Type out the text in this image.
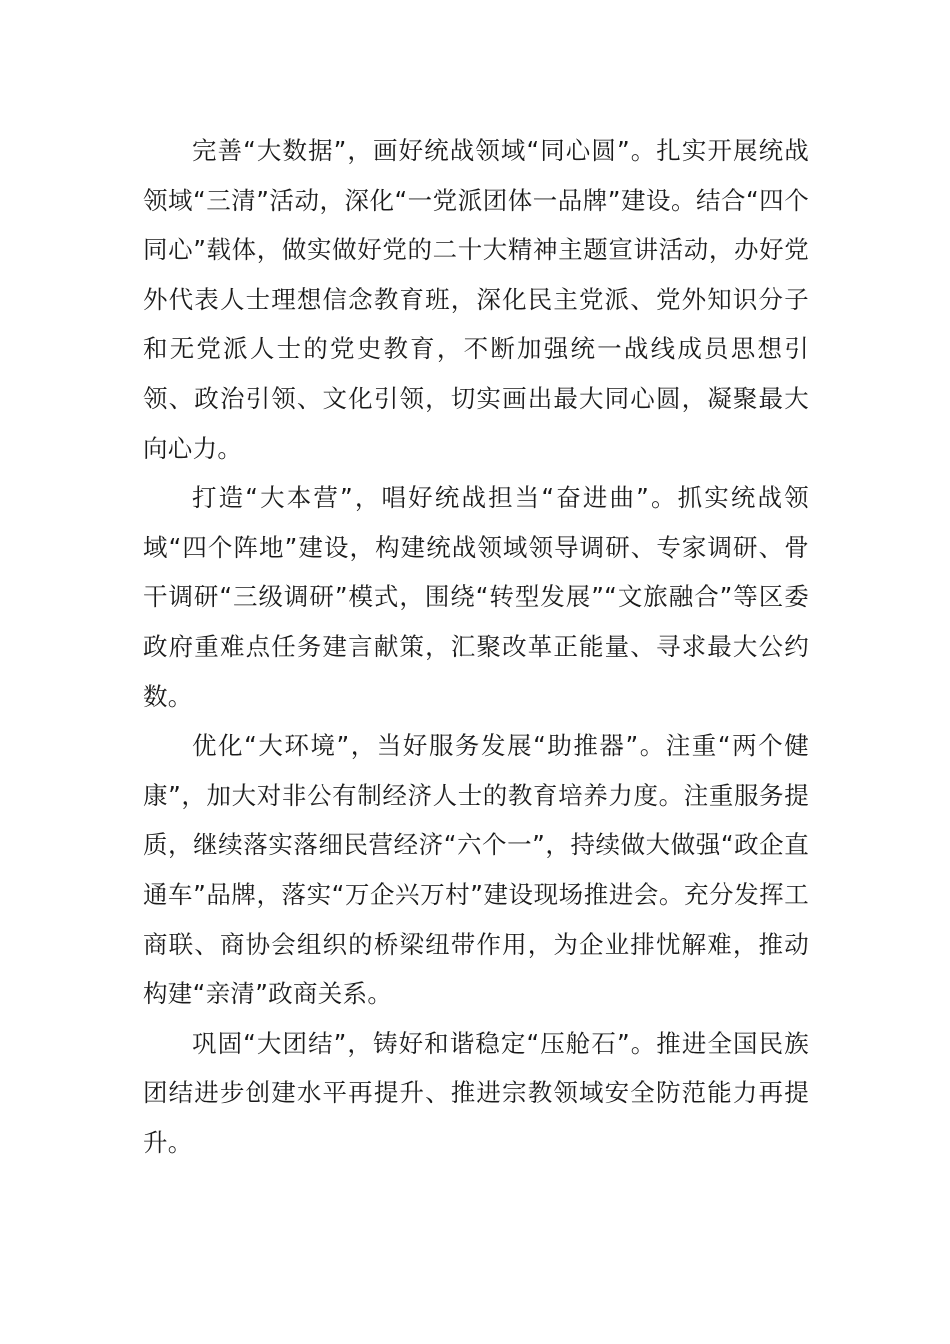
完善“大数据”，画好统战领域“同心圆”。扎实开展统战领域“三清”活动，深化“一党派团体一品牌”建设。结合“四个同心”载体，做实做好党的二十大精神主题宣讲活动，办好党外代表人士理想信念教育班，深化民主党派、党外知识分子和无党派人士的党史教育，不断加强统一战线成员思想引领、政治引领、文化引领，切实画出最大同心圆，凝聚最大向心力。

打造“大本营”，唱好统战担当“奋进曲”。抓实统战领域“四个阵地”建设，构建统战领域领导调研、专家调研、骨干调研“三级调研”模式，围绕“转型发展”“文旅融合”等区委政府重难点任务建言献策，汇聚改革正能量、寻求最大公约数。

优化“大环境”，当好服务发展“助推器”。注重“两个健康”，加大对非公有制经济人士的教育培养力度。注重服务提质，继续落实落细民营经济“六个一”，持续做大做强“政企直通车”品牌，落实“万企兴万村”建设现场推进会。充分发挥工商联、商协会组织的桥梁纽带作用，为企业排忧解难，推动构建“亲清”政商关系。

巩固“大团结”，铸好和谐稳定“压舱石”。推进全国民族团结进步创建水平再提升、推进宗教领域安全防范能力再提升。
